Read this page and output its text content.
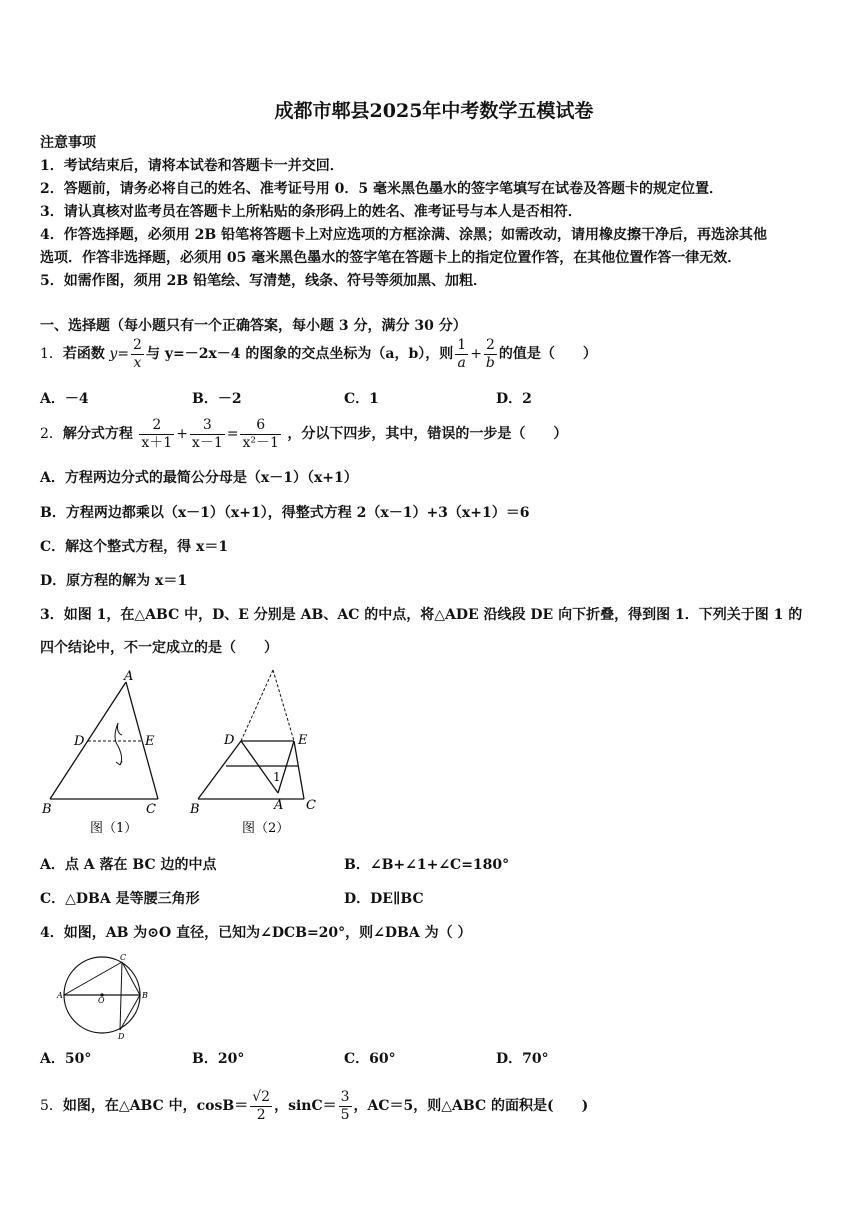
成都市郫县2025年中考数学五模试卷
注意事项
1．考试结束后，请将本试卷和答题卡一并交回．
2．答题前，请务必将自己的姓名、准考证号用 0．5 毫米黑色墨水的签字笔填写在试卷及答题卡的规定位置．
3．请认真核对监考员在答题卡上所粘贴的条形码上的姓名、准考证号与本人是否相符．
4．作答选择题，必须用 2B 铅笔将答题卡上对应选项的方框涂满、涂黑；如需改动，请用橡皮擦干净后，再选涂其他
选项．作答非选择题，必须用 05 毫米黑色墨水的签字笔在答题卡上的指定位置作答，在其他位置作答一律无效．
5．如需作图，须用 2B 铅笔绘、写清楚，线条、符号等须加黑、加粗．
一、选择题（每小题只有一个正确答案，每小题 3 分，满分 30 分）
1．若函数 $y= \frac{2}{x}$ 与 y=－2x－4 的图象的交点坐标为（a，b），则 $\frac{1}{a} + \frac{2}{b}$ 的值是（　　）
A．－4	B．－2	C．1	D．2
2．解分式方程 $\frac{2}{x+1} + \frac{3}{x-1} = \frac{6}{\text{x²－1}}$ ，分以下四步，其中，错误的一步是（　　）
A．方程两边分式的最简公分母是（x－1）（x+1）
B．方程两边都乘以（x－1）（x+1），得整式方程 2（x－1）+3（x+1）＝6
C．解这个整式方程，得 x＝1
D．原方程的解为 x＝1
3．如图 1，在△ABC 中，D、E 分别是 AB、AC 的中点，将△ADE 沿线段 DE 向下折叠，得到图 1．下列关于图 1 的
四个结论中，不一定成立的是（　　）
A
D	E
B	C
图（1）
D	E
1
B	A C
图（2）
A．点 A 落在 BC 边的中点	B．∠B+∠1+∠C=180°
C．△DBA 是等腰三角形	D．DE∥BC
4．如图，AB 为⊙O 直径，已知为∠DCB=20°，则∠DBA 为（ ）
A
O
B
C
D
A．50°	B．20°	C．60°	D．70°
5．如图，在△ABC 中，$\cos B= \frac{√2}{2}$ ，$\sin C= \frac{3}{5}$ ，AC＝5，则△ABC 的面积是(　　)
